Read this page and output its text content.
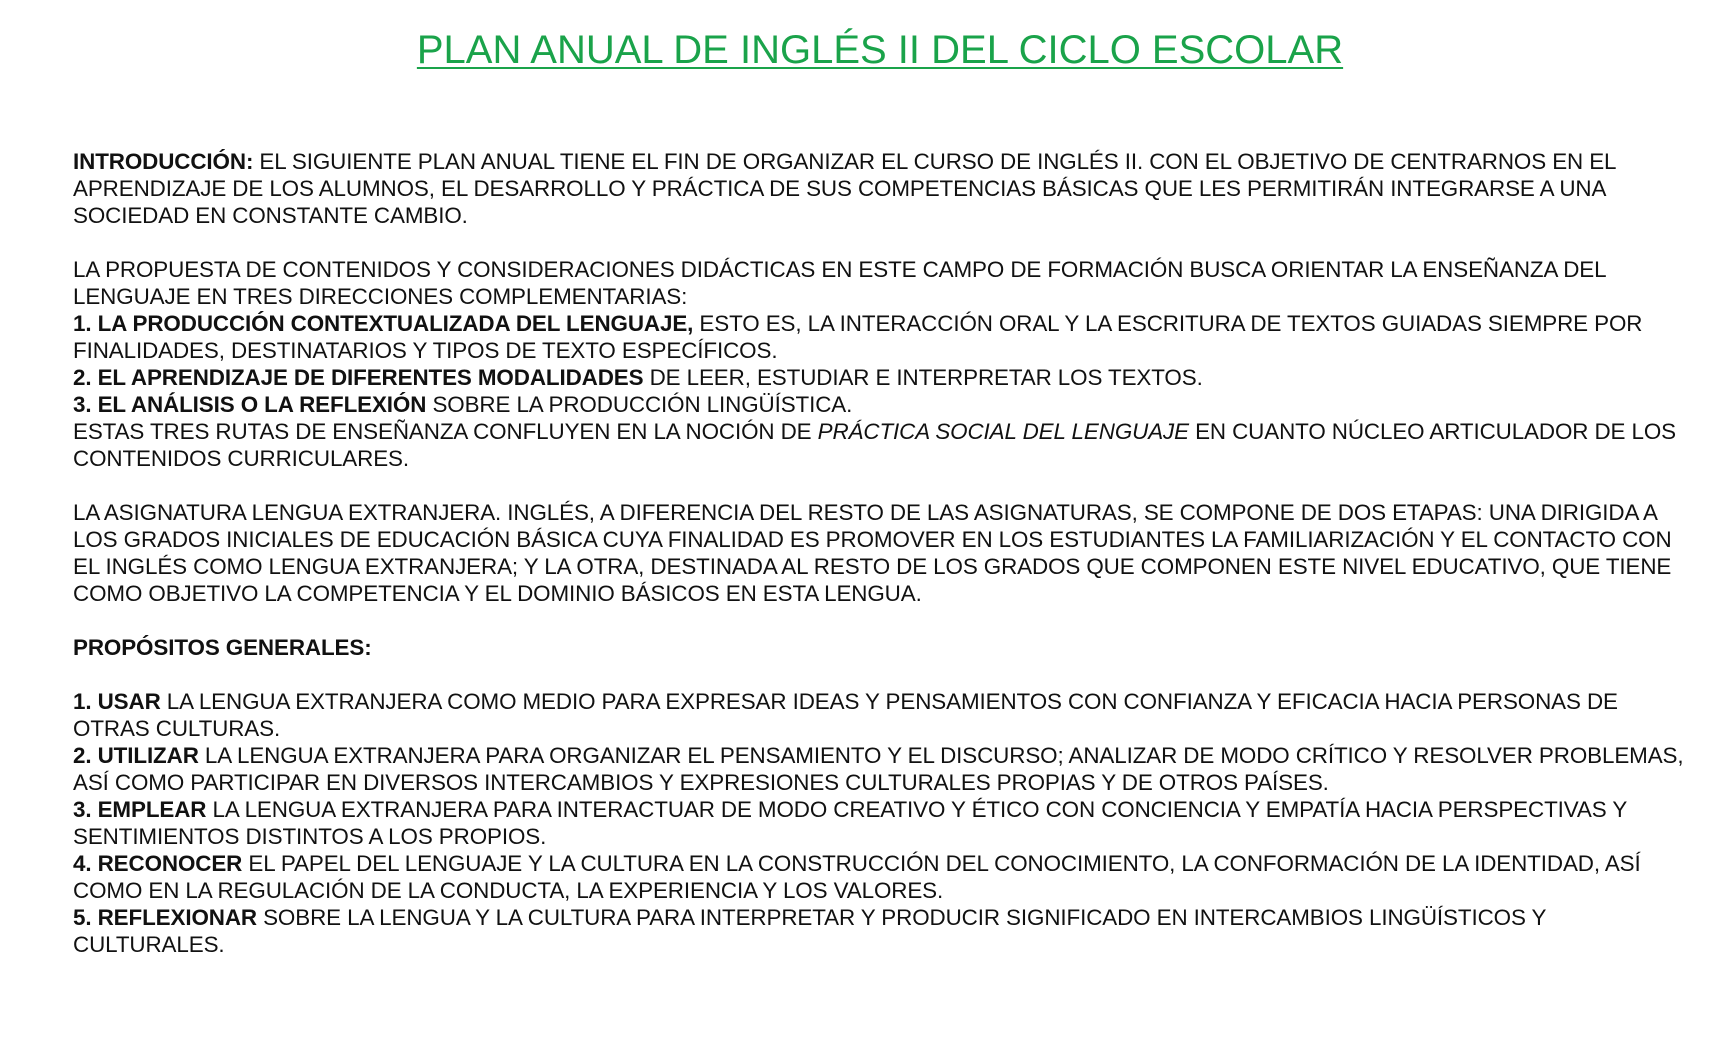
PLAN ANUAL DE INGLÉS II DEL CICLO ESCOLAR

INTRODUCCIÓN: EL SIGUIENTE PLAN ANUAL TIENE EL FIN DE ORGANIZAR EL CURSO DE INGLÉS II. CON EL OBJETIVO DE CENTRARNOS EN EL APRENDIZAJE DE LOS ALUMNOS, EL DESARROLLO Y PRÁCTICA DE SUS COMPETENCIAS BÁSICAS QUE LES PERMITIRÁN INTEGRARSE A UNA SOCIEDAD EN CONSTANTE CAMBIO.

LA PROPUESTA DE CONTENIDOS Y CONSIDERACIONES DIDÁCTICAS EN ESTE CAMPO DE FORMACIÓN BUSCA ORIENTAR LA ENSEÑANZA DEL LENGUAJE EN TRES DIRECCIONES COMPLEMENTARIAS:

1. LA PRODUCCIÓN CONTEXTUALIZADA DEL LENGUAJE, ESTO ES, LA INTERACCIÓN ORAL Y LA ESCRITURA DE TEXTOS GUIADAS SIEMPRE POR FINALIDADES, DESTINATARIOS Y TIPOS DE TEXTO ESPECÍFICOS.

2. EL APRENDIZAJE DE DIFERENTES MODALIDADES DE LEER, ESTUDIAR E INTERPRETAR LOS TEXTOS.

3. EL ANÁLISIS O LA REFLEXIÓN SOBRE LA PRODUCCIÓN LINGÜÍSTICA.

ESTAS TRES RUTAS DE ENSEÑANZA CONFLUYEN EN LA NOCIÓN DE PRÁCTICA SOCIAL DEL LENGUAJE EN CUANTO NÚCLEO ARTICULADOR DE LOS CONTENIDOS CURRICULARES.

LA ASIGNATURA LENGUA EXTRANJERA. INGLÉS, A DIFERENCIA DEL RESTO DE LAS ASIGNATURAS, SE COMPONE DE DOS ETAPAS: UNA DIRIGIDA A LOS GRADOS INICIALES DE EDUCACIÓN BÁSICA CUYA FINALIDAD ES PROMOVER EN LOS ESTUDIANTES LA FAMILIARIZACIÓN Y EL CONTACTO CON EL INGLÉS COMO LENGUA EXTRANJERA; Y LA OTRA, DESTINADA AL RESTO DE LOS GRADOS QUE COMPONEN ESTE NIVEL EDUCATIVO, QUE TIENE COMO OBJETIVO LA COMPETENCIA Y EL DOMINIO BÁSICOS EN ESTA LENGUA.

PROPÓSITOS GENERALES:

1. USAR LA LENGUA EXTRANJERA COMO MEDIO PARA EXPRESAR IDEAS Y PENSAMIENTOS CON CONFIANZA Y EFICACIA HACIA PERSONAS DE OTRAS CULTURAS.

2. UTILIZAR LA LENGUA EXTRANJERA PARA ORGANIZAR EL PENSAMIENTO Y EL DISCURSO; ANALIZAR DE MODO CRÍTICO Y RESOLVER PROBLEMAS, ASÍ COMO PARTICIPAR EN DIVERSOS INTERCAMBIOS Y EXPRESIONES CULTURALES PROPIAS Y DE OTROS PAÍSES.

3. EMPLEAR LA LENGUA EXTRANJERA PARA INTERACTUAR DE MODO CREATIVO Y ÉTICO CON CONCIENCIA Y EMPATÍA HACIA PERSPECTIVAS Y SENTIMIENTOS DISTINTOS A LOS PROPIOS.

4. RECONOCER EL PAPEL DEL LENGUAJE Y LA CULTURA EN LA CONSTRUCCIÓN DEL CONOCIMIENTO, LA CONFORMACIÓN DE LA IDENTIDAD, ASÍ COMO EN LA REGULACIÓN DE LA CONDUCTA, LA EXPERIENCIA Y LOS VALORES.

5. REFLEXIONAR SOBRE LA LENGUA Y LA CULTURA PARA INTERPRETAR Y PRODUCIR SIGNIFICADO EN INTERCAMBIOS LINGÜÍSTICOS Y CULTURALES.
